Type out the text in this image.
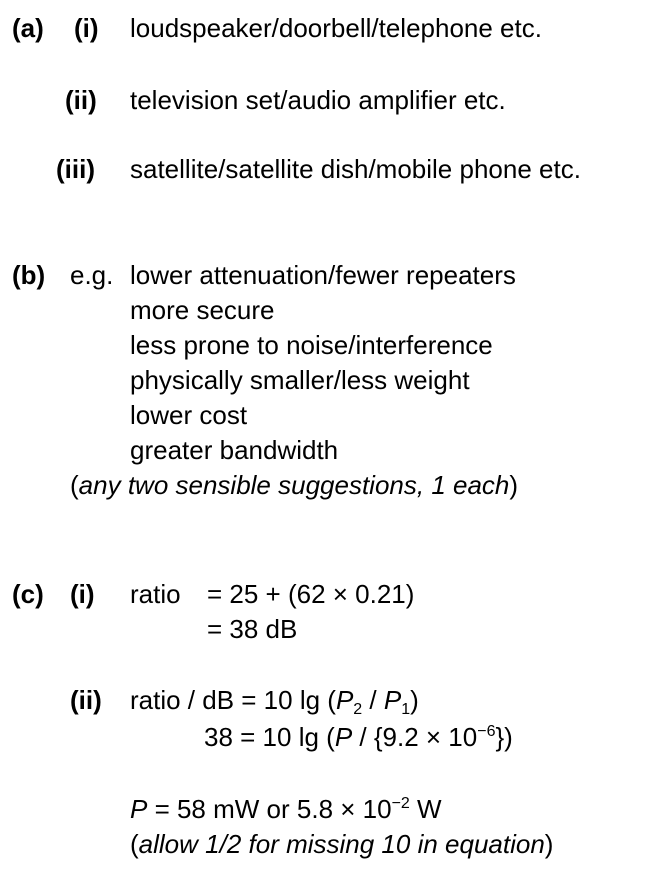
(a) (i) loudspeaker/doorbell/telephone etc.
(ii) television set/audio amplifier etc.
(iii) satellite/satellite dish/mobile phone etc.
(b) e.g. lower attenuation/fewer repeaters
more secure
less prone to noise/interference
physically smaller/less weight
lower cost
greater bandwidth
(any two sensible suggestions, 1 each)
(c) (i) ratio = 25 + (62 × 0.21)
= 38 dB
(ii) ratio / dB = 10 $\lg (P_2 / P_1)$
38 = 10 $\lg (P / \{9.2 \times 10^{-6}\})$
P = 58 mW or $5.8 \times 10^{-2}$ W
(allow 1/2 for missing 10 in equation)
